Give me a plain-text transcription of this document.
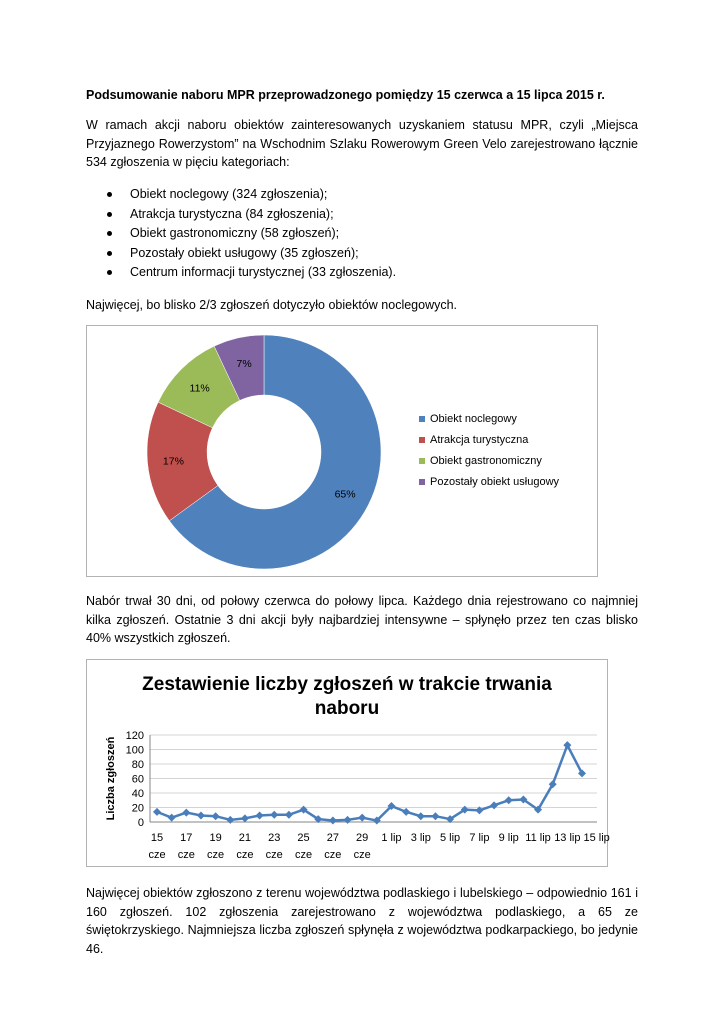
Podsumowanie naboru MPR przeprowadzonego pomiędzy 15 czerwca a 15 lipca 2015 r.
W ramach akcji naboru obiektów zainteresowanych uzyskaniem statusu MPR, czyli „Miejsca Przyjaznego Rowerzystom” na Wschodnim Szlaku Rowerowym Green Velo zarejestrowano łącznie 534 zgłoszenia w pięciu kategoriach:
Obiekt noclegowy (324 zgłoszenia);
Atrakcja turystyczna (84 zgłoszenia);
Obiekt gastronomiczny (58 zgłoszeń);
Pozostały obiekt usługowy (35 zgłoszeń);
Centrum informacji turystycznej (33 zgłoszenia).
Najwięcej, bo blisko 2/3 zgłoszeń dotyczyło obiektów noclegowych.
65%
17%
11%
7%
Obiekt noclegowy
Atrakcja turystyczna
Obiekt gastronomiczny
Pozostały obiekt usługowy
Nabór trwał 30 dni, od połowy czerwca do połowy lipca. Każdego dnia rejestrowano co najmniej kilka zgłoszeń. Ostatnie 3 dni akcji były najbardziej intensywne – spłynęło przez ten czas blisko 40% wszystkich zgłoszeń.
Zestawienie liczby zgłoszeń w trakcie trwania
naboru
0
20
40
60
80
100
120
Liczba zgłoszeń
15
cze
17
cze
19
cze
21
cze
23
cze
25
cze
27
cze
29
cze
1 lip 3 lip 5 lip 7 lip 9 lip 11 lip 13 lip 15 lip
Najwięcej obiektów zgłoszono z terenu województwa podlaskiego i lubelskiego – odpowiednio 161 i 160 zgłoszeń. 102 zgłoszenia zarejestrowano z województwa podlaskiego, a 65 ze świętokrzyskiego. Najmniejsza liczba zgłoszeń spłynęła z województwa podkarpackiego, bo jedynie 46.
